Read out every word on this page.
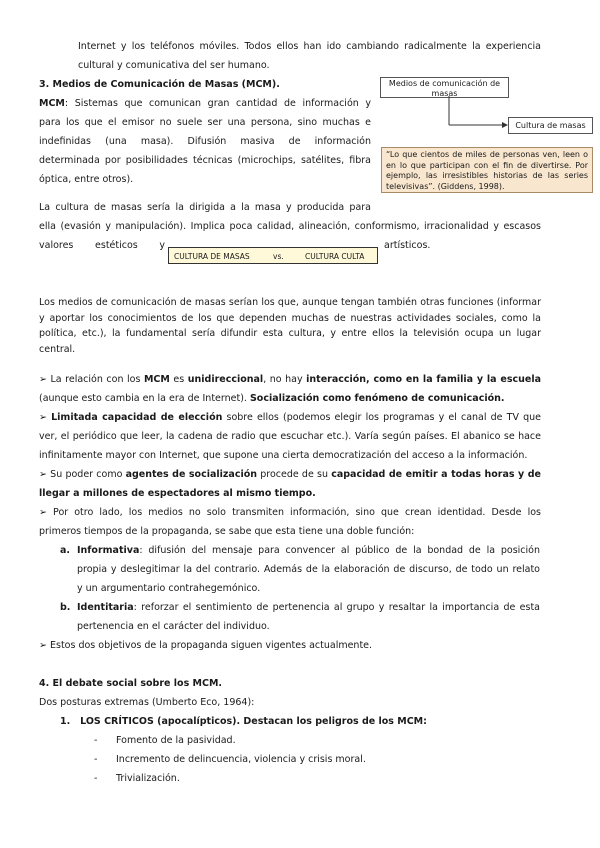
Internet y los teléfonos móviles. Todos ellos han ido cambiando radicalmente la experiencia
cultural y comunicativa del ser humano.
3. Medios de Comunicación de Masas (MCM).

MCM: Sistemas que comunican gran cantidad de información y

para los que el emisor no suele ser una persona, sino muchas e

indefinidas (una masa). Difusión masiva de información

determinada por posibilidades técnicas (microchips, satélites, fibra

óptica, entre otros).

Medios de comunicación de masas
Cultura de masas
“Lo que cientos de miles de personas ven, leen o en lo que participan con el fin de divertirse. Por ejemplo, las irresistibles historias de las series televisivas”. (Giddens, 1998).
La cultura de masas sería la dirigida a la masa y producida para
ella (evasión y manipulación). Implica poca calidad, alineación, conformismo, irracionalidad y escasos
valores estéticos y
CULTURA DE MASAS	vs.	CULTURA CULTA
artísticos.
Los medios de comunicación de masas serían los que, aunque tengan también otras funciones (informar y aportar los conocimientos de los que dependen muchas de nuestras actividades sociales, como la política, etc.), la fundamental sería difundir esta cultura, y entre ellos la televisión ocupa un lugar central.

➢ La relación con los MCM es unidireccional, no hay interacción, como en la familia y la escuela

(aunque esto cambia en la era de Internet). Socialización como fenómeno de comunicación.

➢ Limitada capacidad de elección sobre ellos (podemos elegir los programas y el canal de TV que

ver, el periódico que leer, la cadena de radio que escuchar etc.). Varía según países. El abanico se hace

infinitamente mayor con Internet, que supone una cierta democratización del acceso a la información.

➢ Su poder como agentes de socialización procede de su capacidad de emitir a todas horas y de

llegar a millones de espectadores al mismo tiempo.

➢ Por otro lado, los medios no solo transmiten información, sino que crean identidad. Desde los

primeros tiempos de la propaganda, se sabe que esta tiene una doble función:

a. Informativa: difusión del mensaje para convencer al público de la bondad de la posición

propia y deslegitimar la del contrario. Además de la elaboración de discurso, de todo un relato

y un argumentario contrahegemónico.

b. Identitaria: reforzar el sentimiento de pertenencia al grupo y resaltar la importancia de esta

pertenencia en el carácter del individuo.

➢ Estos dos objetivos de la propaganda siguen vigentes actualmente.
4. El debate social sobre los MCM.
Dos posturas extremas (Umberto Eco, 1964):
1.   LOS CRÍTICOS (apocalípticos). Destacan los peligros de los MCM:
- Fomento de la pasividad.
- Incremento de delincuencia, violencia y crisis moral.
- Trivialización.
